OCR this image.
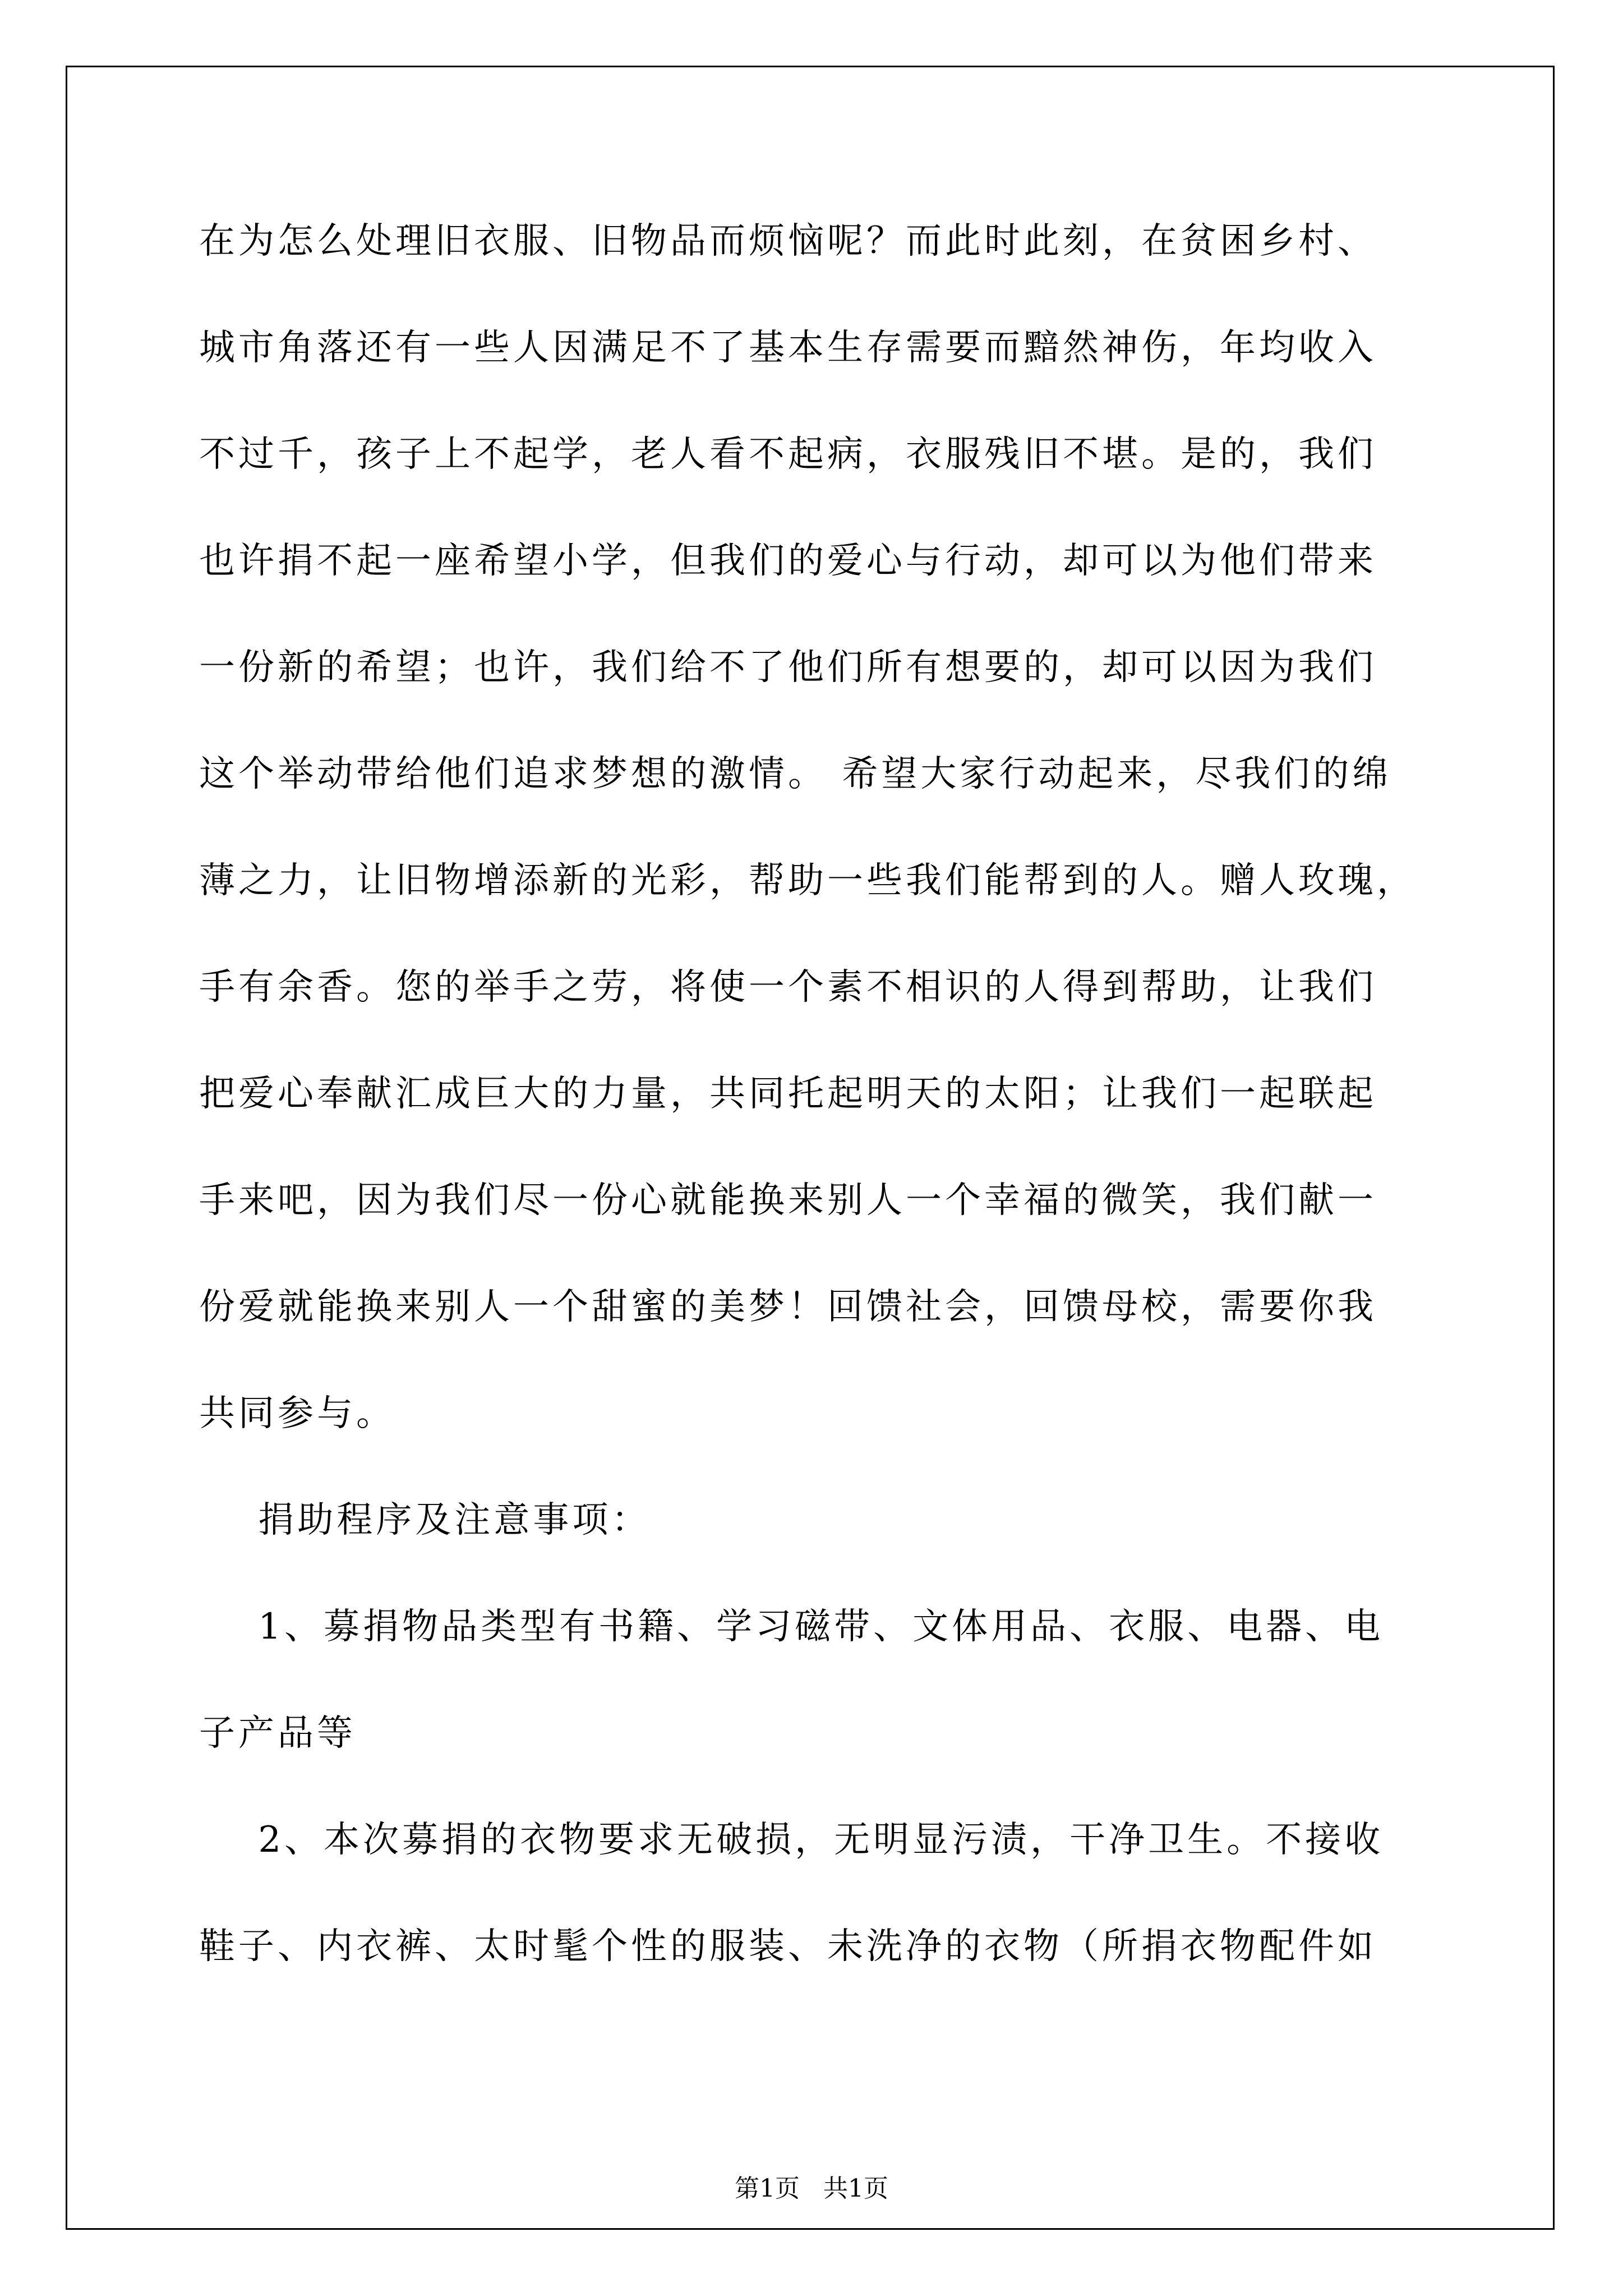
在为怎么处理旧衣服、旧物品而烦恼呢？而此时此刻，在贫困乡村、
城市角落还有一些人因满足不了基本生存需要而黯然神伤，年均收入
不过千，孩子上不起学，老人看不起病，衣服残旧不堪。是的，我们
也许捐不起一座希望小学，但我们的爱心与行动，却可以为他们带来
一份新的希望；也许，我们给不了他们所有想要的，却可以因为我们
这个举动带给他们追求梦想的激情。 希望大家行动起来，尽我们的绵
薄之力，让旧物增添新的光彩，帮助一些我们能帮到的人。赠人玫瑰，
手有余香。您的举手之劳，将使一个素不相识的人得到帮助，让我们
把爱心奉献汇成巨大的力量，共同托起明天的太阳；让我们一起联起
手来吧，因为我们尽一份心就能换来别人一个幸福的微笑，我们献一
份爱就能换来别人一个甜蜜的美梦！回馈社会，回馈母校，需要你我
共同参与。
捐助程序及注意事项：
1、募捐物品类型有书籍、学习磁带、文体用品、衣服、电器、电
子产品等
2、本次募捐的衣物要求无破损，无明显污渍，干净卫生。不接收
鞋子、内衣裤、太时髦个性的服装、未洗净的衣物（所捐衣物配件如
第1页   共1页
